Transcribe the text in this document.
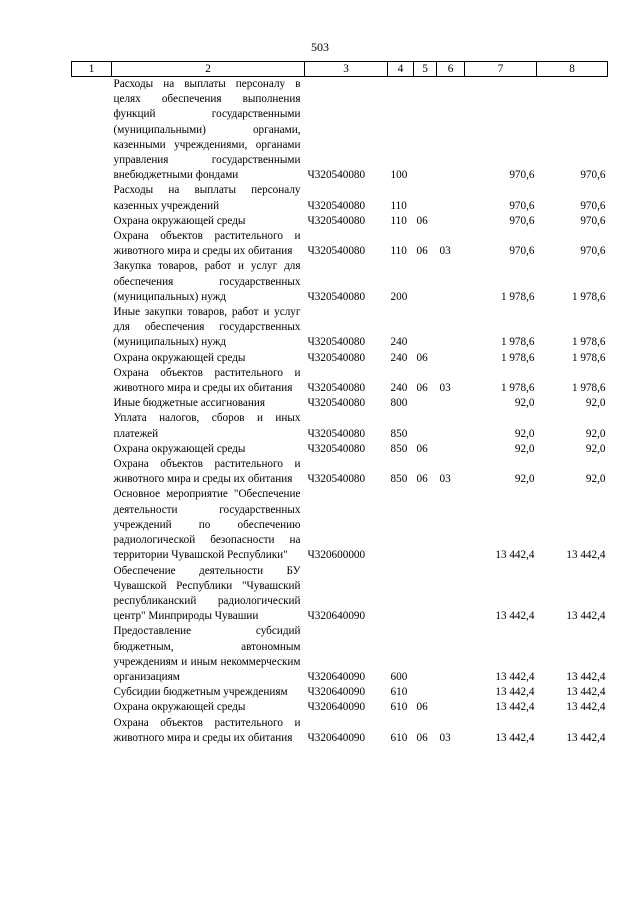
503
1	2	3	4	5	6	7	8
	Расходы на выплаты персоналу в целях обеспечения выполнения функций государственными (муниципальными) органами, казенными учреждениями, органами управления государственными внебюджетными фондами	Ч320540080	100			970,6	970,6
	Расходы на выплаты персоналу казенных учреждений	Ч320540080	110			970,6	970,6
	Охрана окружающей среды	Ч320540080	110	06		970,6	970,6
	Охрана объектов растительного и животного мира и среды их обитания	Ч320540080	110	06	03	970,6	970,6
	Закупка товаров, работ и услуг для обеспечения государственных (муниципальных) нужд	Ч320540080	200			1 978,6	1 978,6
	Иные закупки товаров, работ и услуг для обеспечения государственных (муниципальных) нужд	Ч320540080	240			1 978,6	1 978,6
	Охрана окружающей среды	Ч320540080	240	06		1 978,6	1 978,6
	Охрана объектов растительного и животного мира и среды их обитания	Ч320540080	240	06	03	1 978,6	1 978,6
	Иные бюджетные ассигнования	Ч320540080	800			92,0	92,0
	Уплата налогов, сборов и иных платежей	Ч320540080	850			92,0	92,0
	Охрана окружающей среды	Ч320540080	850	06		92,0	92,0
	Охрана объектов растительного и животного мира и среды их обитания	Ч320540080	850	06	03	92,0	92,0
	Основное мероприятие "Обеспечение деятельности государственных учреждений по обеспечению радиологической безопасности на территории Чувашской Республики"	Ч320600000				13 442,4	13 442,4
	Обеспечение деятельности БУ Чувашской Республики "Чувашский республиканский радиологический центр" Минприроды Чувашии	Ч320640090				13 442,4	13 442,4
	Предоставление субсидий бюджетным, автономным учреждениям и иным некоммерческим организациям	Ч320640090	600			13 442,4	13 442,4
	Субсидии бюджетным учреждениям	Ч320640090	610			13 442,4	13 442,4
	Охрана окружающей среды	Ч320640090	610	06		13 442,4	13 442,4
	Охрана объектов растительного и животного мира и среды их обитания	Ч320640090	610	06	03	13 442,4	13 442,4
